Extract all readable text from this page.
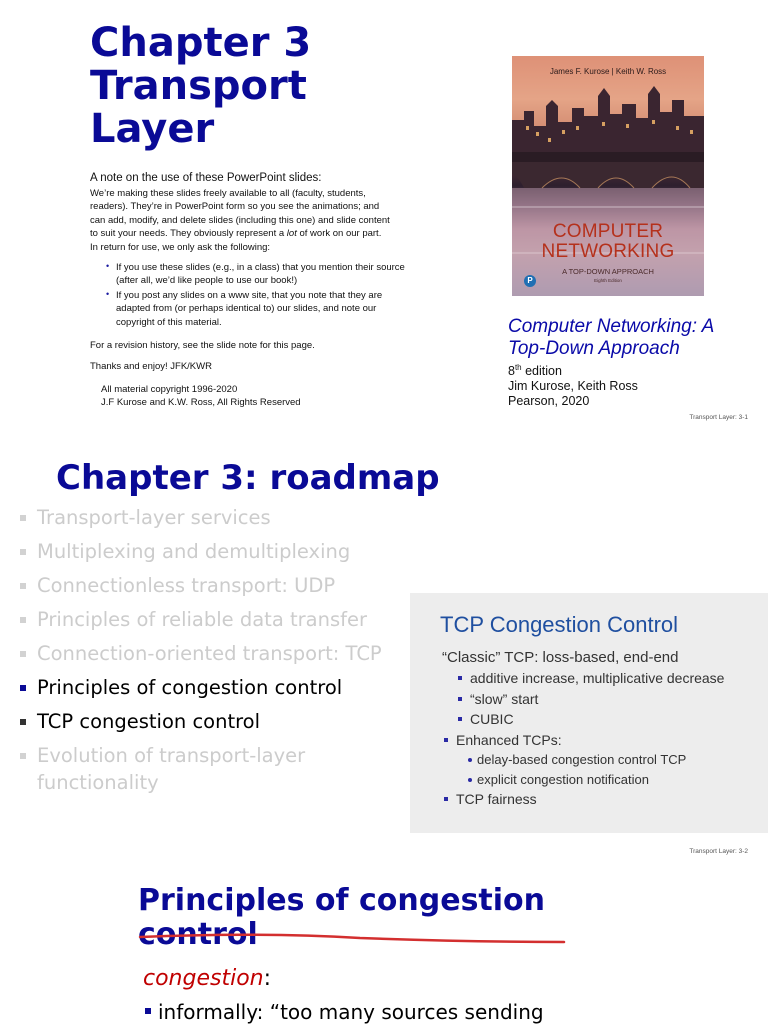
Chapter 3
Transport
Layer

A note on the use of these PowerPoint slides:

We’re making these slides freely available to all (faculty, students,
readers). They’re in PowerPoint form so you see the animations; and
can add, modify, and delete slides (including this one) and slide content
to suit your needs. They obviously represent a lot of work on our part.
In return for use, we only ask the following:

• If you use these slides (e.g., in a class) that you mention their source
(after all, we’d like people to use our book!)
• If you post any slides on a www site, that you note that they are
adapted from (or perhaps identical to) our slides, and note our
copyright of this material.

For a revision history, see the slide note for this page.

Thanks and enjoy! JFK/KWR

All material copyright 1996-2020
J.F Kurose and K.W. Ross, All Rights Reserved

James F. Kurose | Keith W. Ross
COMPUTER
NETWORKING
A TOP-DOWN APPROACH
Eighth Edition
P

Computer Networking: A
Top-Down Approach

8th edition

Jim Kurose, Keith Ross

Pearson, 2020

Transport Layer: 3-1
Chapter 3: roadmap
Transport-layer services
Multiplexing and demultiplexing
Connectionless transport: UDP
Principles of reliable data transfer
Connection-oriented transport: TCP
Principles of congestion control
TCP congestion control
Evolution of transport-layer
functionality
TCP Congestion Control

“Classic” TCP: loss-based, end-end

additive increase, multiplicative decrease
“slow” start
CUBIC
Enhanced TCPs:
delay-based congestion control TCP
explicit congestion notification
TCP fairness
Transport Layer: 3-2
Principles of congestion
control

congestion:

informally: “too many sources sending
